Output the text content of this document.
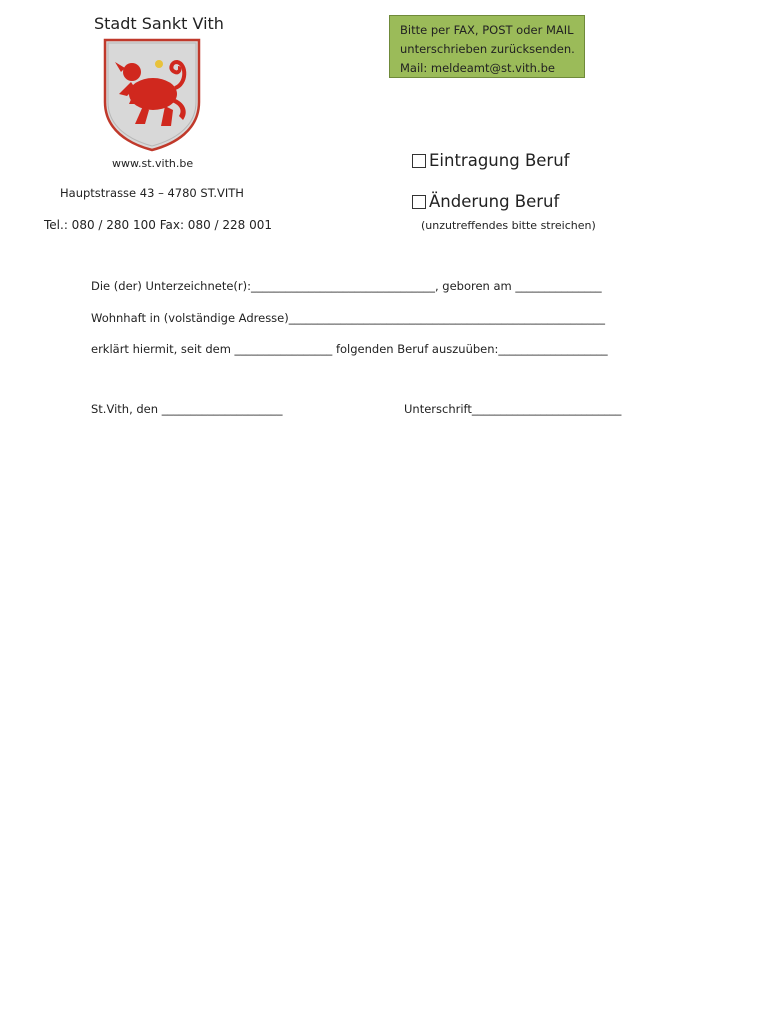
Stadt Sankt Vith
www.st.vith.be
Hauptstrasse 43 – 4780 ST.VITH
Tel.: 080 / 280 100 Fax: 080 / 228 001
Bitte per FAX, POST oder MAIL
unterschrieben zurücksenden.
Mail: meldeamt@st.vith.be
Eintragung Beruf
Änderung Beruf
(unzutreffendes bitte streichen)
Die (der) Unterzeichnete(r):________________________________, geboren am _______________
Wohnhaft in (volständige Adresse)_______________________________________________________
erklärt hiermit, seit dem _________________ folgenden Beruf auszuüben:___________________
St.Vith, den _____________________	Unterschrift__________________________
